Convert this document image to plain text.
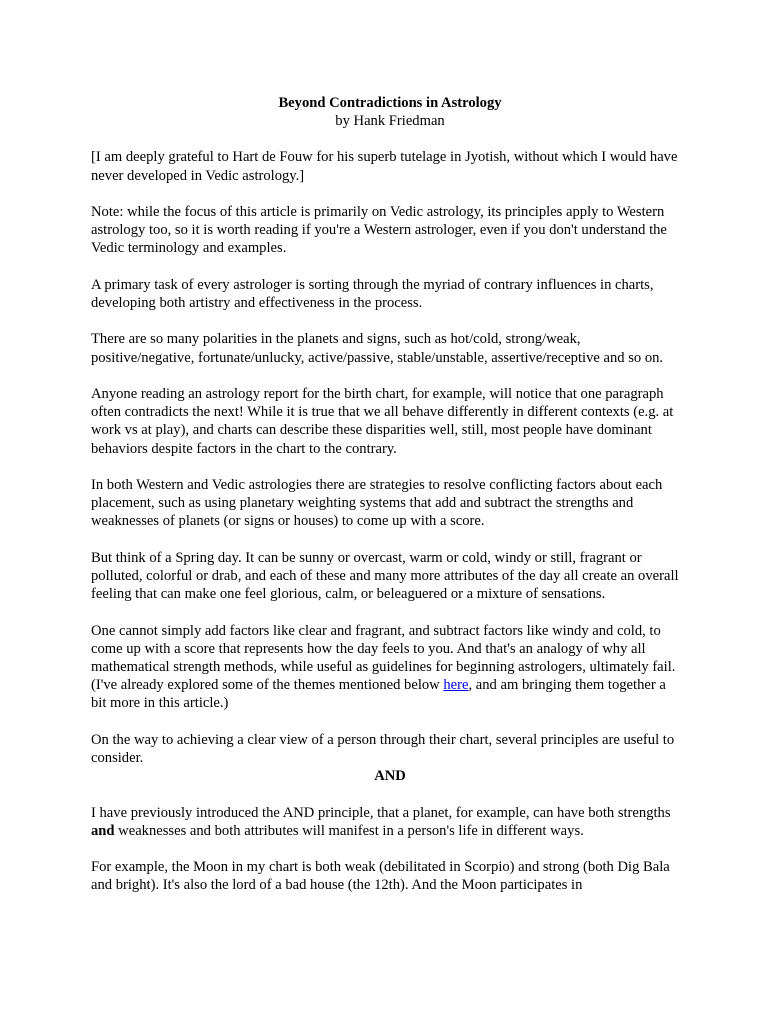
Beyond Contradictions in Astrology
by Hank Friedman

[I am deeply grateful to Hart de Fouw for his superb tutelage in Jyotish, without which I would have never developed in Vedic astrology.]

Note: while the focus of this article is primarily on Vedic astrology, its principles apply to Western astrology too, so it is worth reading if you're a Western astrologer, even if you don't understand the Vedic terminology and examples.

A primary task of every astrologer is sorting through the myriad of contrary influences in charts, developing both artistry and effectiveness in the process.

There are so many polarities in the planets and signs, such as hot/cold, strong/weak, positive/negative, fortunate/unlucky, active/passive, stable/unstable, assertive/receptive and so on.

Anyone reading an astrology report for the birth chart, for example, will notice that one paragraph often contradicts the next! While it is true that we all behave differently in different contexts (e.g. at work vs at play), and charts can describe these disparities well, still, most people have dominant behaviors despite factors in the chart to the contrary.

In both Western and Vedic astrologies there are strategies to resolve conflicting factors about each placement, such as using planetary weighting systems that add and subtract the strengths and weaknesses of planets (or signs or houses) to come up with a score.

But think of a Spring day. It can be sunny or overcast, warm or cold, windy or still, fragrant or polluted, colorful or drab, and each of these and many more attributes of the day all create an overall feeling that can make one feel glorious, calm, or beleaguered or a mixture of sensations.

One cannot simply add factors like clear and fragrant, and subtract factors like windy and cold, to come up with a score that represents how the day feels to you. And that's an analogy of why all mathematical strength methods, while useful as guidelines for beginning astrologers, ultimately fail. (I've already explored some of the themes mentioned below here, and am bringing them together a bit more in this article.)

On the way to achieving a clear view of a person through their chart, several principles are useful to consider.

AND

I have previously introduced the AND principle, that a planet, for example, can have both strengths and weaknesses and both attributes will manifest in a person's life in different ways.

For example, the Moon in my chart is both weak (debilitated in Scorpio) and strong (both Dig Bala and bright). It's also the lord of a bad house (the 12th). And the Moon participates in
